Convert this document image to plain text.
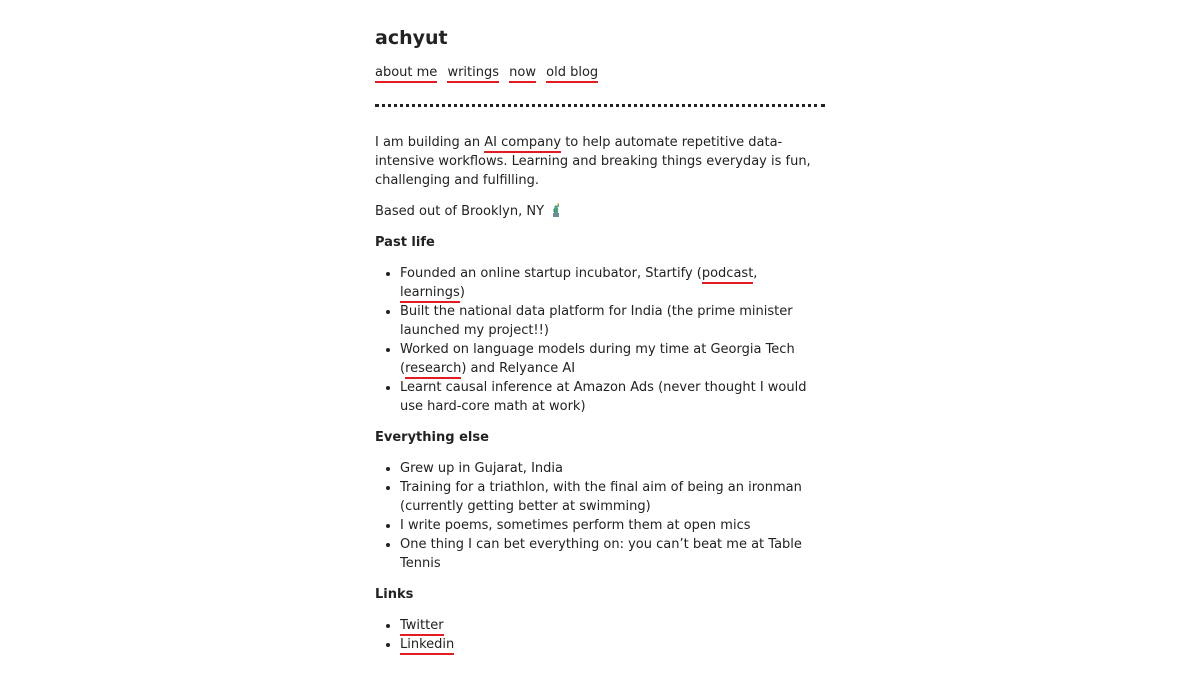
achyut
about me writings now old blog

I am building an AI company to help automate repetitive data-intensive workflows. Learning and breaking things everyday is fun, challenging and fulfilling.

Based out of Brooklyn, NY

Past life
• Founded an online startup incubator, Startify (podcast, learnings)
• Built the national data platform for India (the prime minister launched my project!!)
• Worked on language models during my time at Georgia Tech (research) and Relyance AI
• Learnt causal inference at Amazon Ads (never thought I would use hard-core math at work)
Everything else
• Grew up in Gujarat, India
• Training for a triathlon, with the final aim of being an ironman (currently getting better at swimming)
• I write poems, sometimes perform them at open mics
• One thing I can bet everything on: you can’t beat me at Table Tennis
Links
• Twitter
• Linkedin
